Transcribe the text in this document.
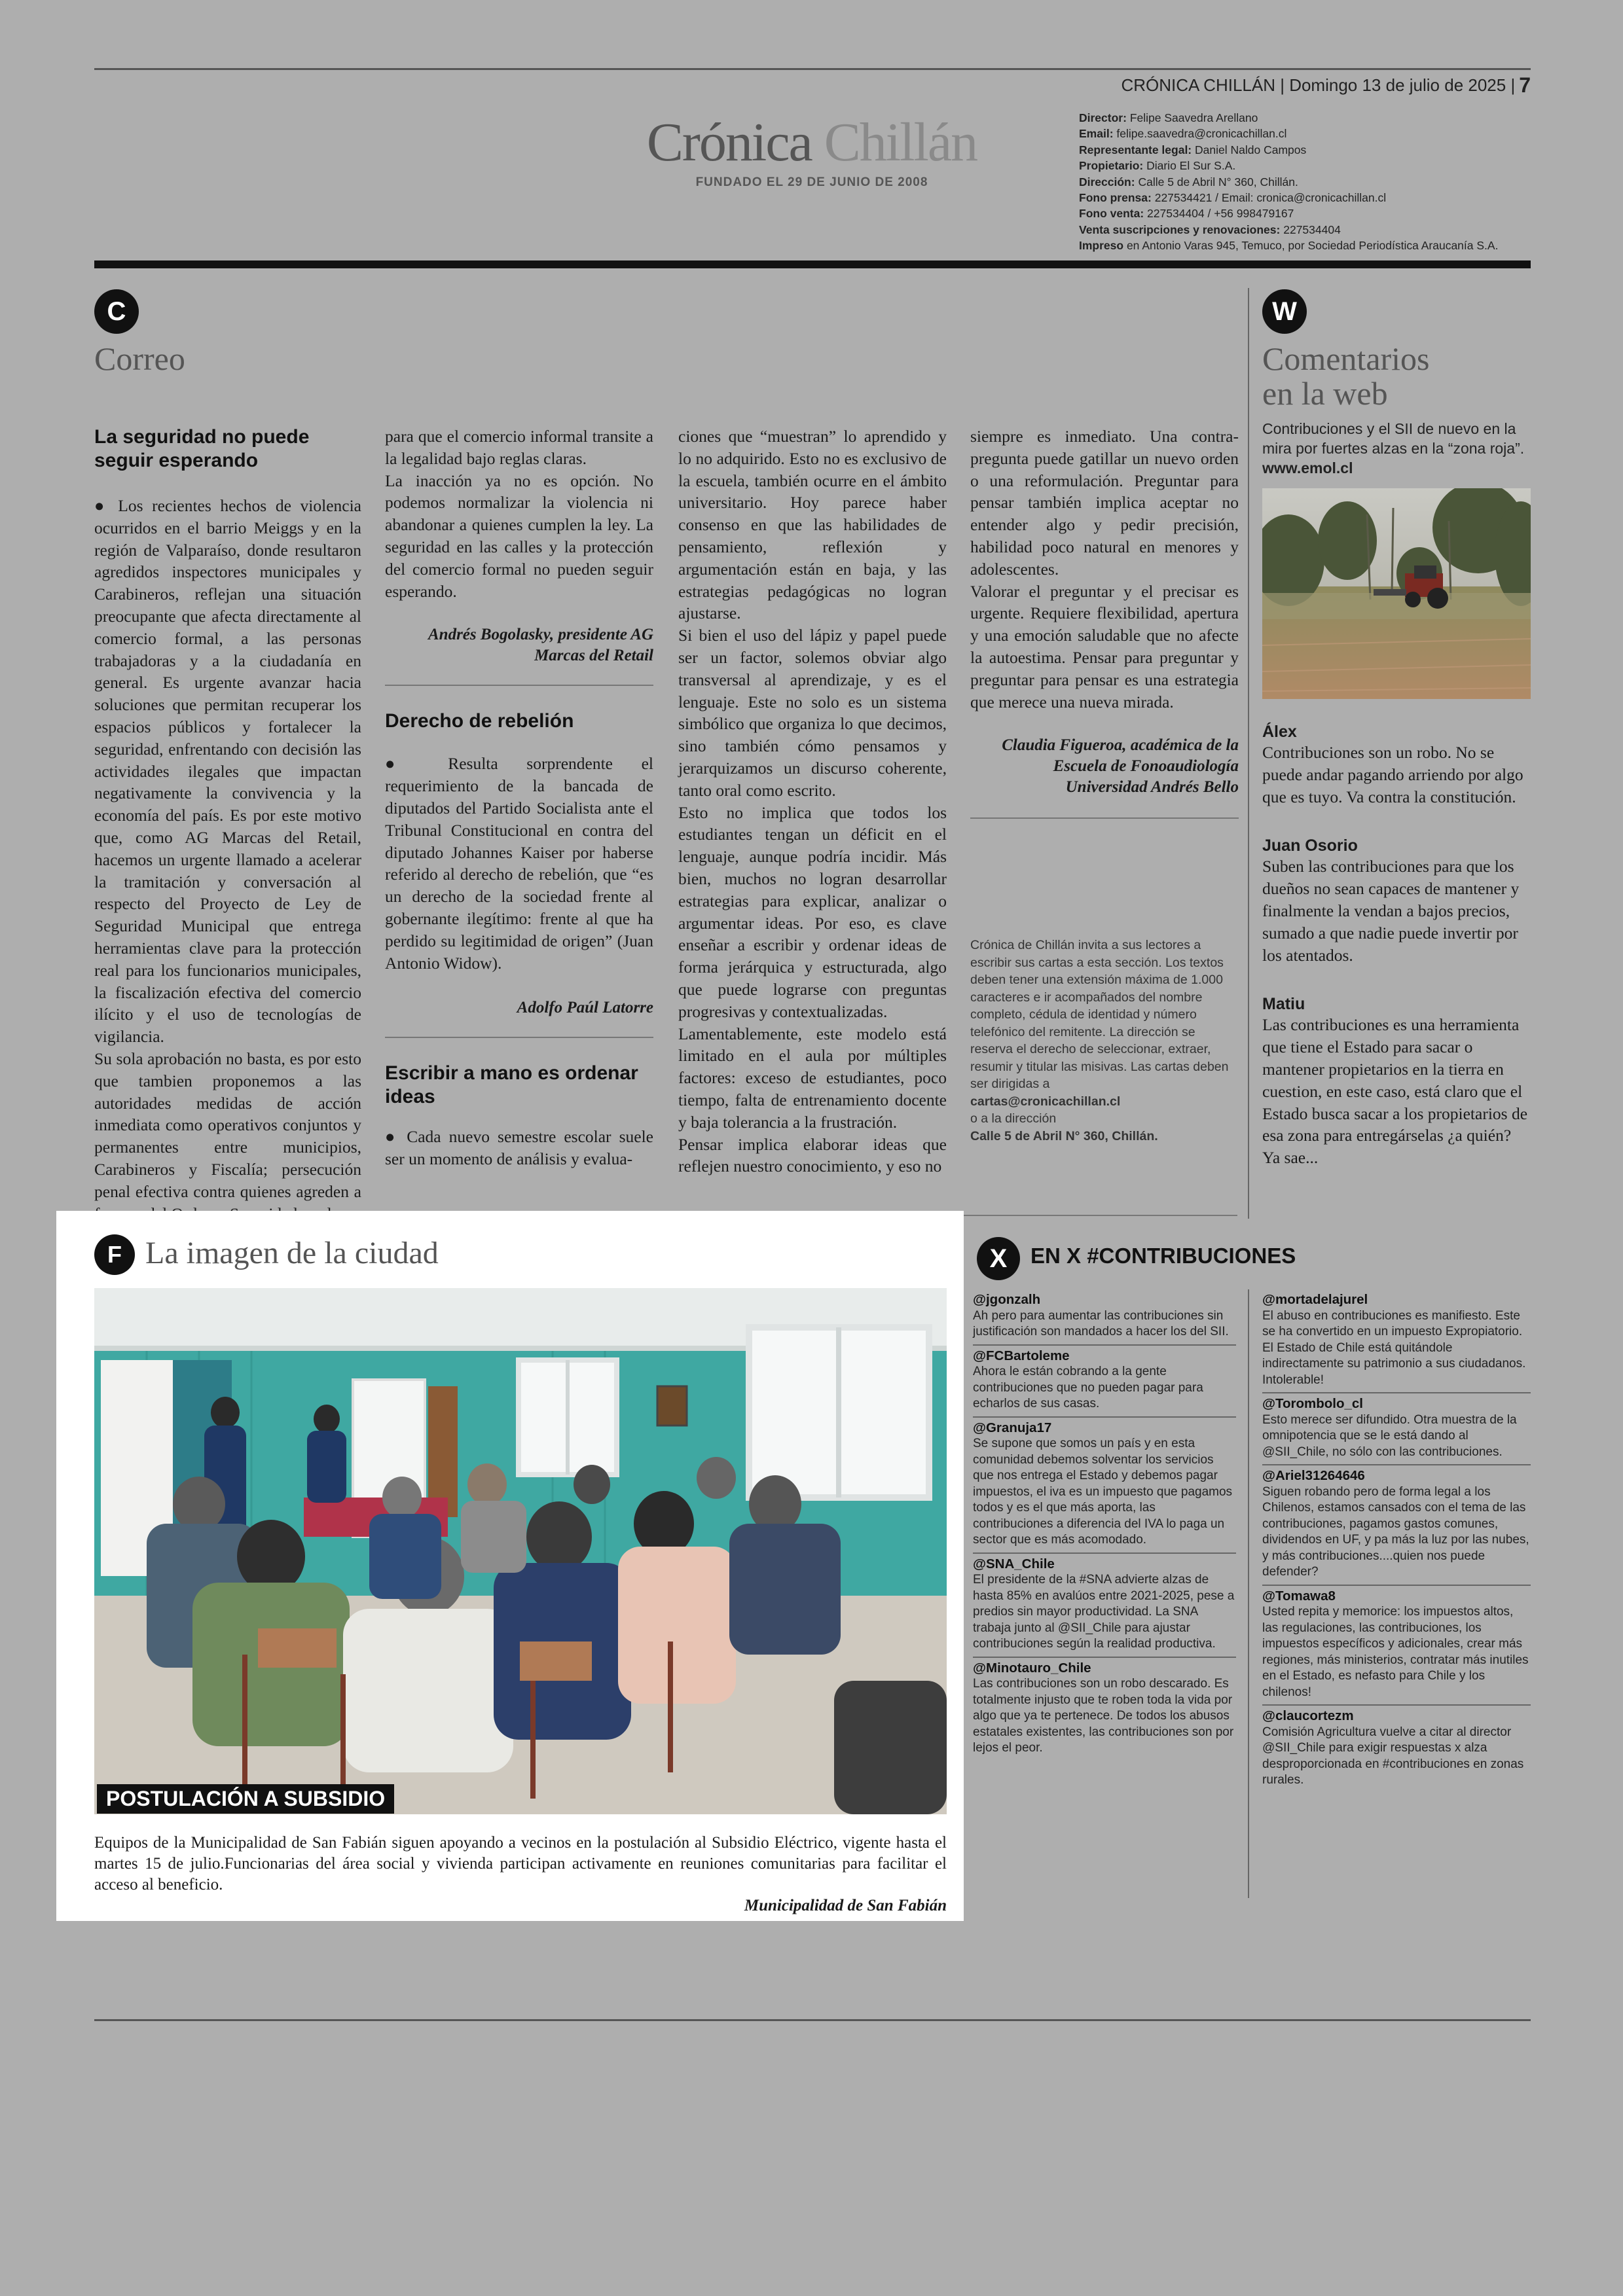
CRÓNICA CHILLÁN | Domingo 13 de julio de 2025 | 7
Crónica Chillán
FUNDADO EL 29 DE JUNIO DE 2008
Director: Felipe Saavedra Arellano
Email: felipe.saavedra@cronicachillan.cl
Representante legal: Daniel Naldo Campos
Propietario: Diario El Sur S.A.
Dirección: Calle 5 de Abril N° 360, Chillán.
Fono prensa: 227534421 / Email: cronica@cronicachillan.cl
Fono venta: 227534404 / +56 998479167
Venta suscripciones y renovaciones: 227534404
Impreso en Antonio Varas 945, Temuco, por Sociedad Periodística Araucanía S.A.
C
Correo
La seguridad no puede seguir esperando

● Los recientes hechos de violencia ocurridos en el barrio Meiggs y en la región de Valparaíso, donde resultaron agredidos inspectores municipales y Carabineros, reflejan una situación preocupante que afecta directamente al comercio formal, a las personas trabajadoras y a la ciudadanía en general. Es urgente avanzar hacia soluciones que permitan recuperar los espacios públicos y fortalecer la seguridad, enfrentando con decisión las actividades ilegales que impactan negativamente la convivencia y la economía del país. Es por este motivo que, como AG Marcas del Retail, hacemos un urgente llamado a acelerar la tramitación y conversación al respecto del Proyecto de Ley de Seguridad Municipal que entrega herramientas clave para la protección real para los funcionarios municipales, la fiscalización efectiva del comercio ilícito y el uso de tecnologías de vigilancia.

Su sola aprobación no basta, es por esto que tambien proponemos a las autoridades medidas de acción inmediata como operativos conjuntos y permanentes entre municipios, Carabineros y Fiscalía; persecución penal efectiva contra quienes agreden a

para que el comercio informal transite a la legalidad bajo reglas claras.

La inacción ya no es opción. No podemos normalizar la violencia ni abandonar a quienes cumplen la ley. La seguridad en las calles y la protección del comercio formal no pueden seguir esperando.

Andrés Bogolasky, presidente AG Marcas del Retail
Derecho de rebelión

● Resulta sorprendente el requerimiento de la bancada de diputados del Partido Socialista ante el Tribunal Constitucional en contra del diputado Johannes Kaiser por haberse referido al derecho de rebelión, que “es un derecho de la sociedad frente al gobernante ilegítimo: frente al que ha perdido su legitimidad de origen” (Juan Antonio Widow).

Adolfo Paúl Latorre
Escribir a mano es ordenar ideas

● Cada nuevo semestre escolar suele ser un momento de análisis y evalua-

ciones que “muestran” lo aprendido y lo no adquirido. Esto no es exclusivo de la escuela, también ocurre en el ámbito universitario. Hoy parece haber consenso en que las habilidades de pensamiento, reflexión y argumentación están en baja, y las estrategias pedagógicas no logran ajustarse.

Si bien el uso del lápiz y papel puede ser un factor, solemos obviar algo transversal al aprendizaje, y es el lenguaje. Este no solo es un sistema simbólico que organiza lo que decimos, sino también cómo pensamos y jerarquizamos un discurso coherente, tanto oral como escrito.

Esto no implica que todos los estudiantes tengan un déficit en el lenguaje, aunque podría incidir. Más bien, muchos no logran desarrollar estrategias para explicar, analizar o argumentar ideas. Por eso, es clave enseñar a escribir y ordenar ideas de forma jerárquica y estructurada, algo que puede lograrse con preguntas progresivas y contextualizadas.

Lamentablemente, este modelo está limitado en el aula por múltiples factores: exceso de estudiantes, poco tiempo, falta de entrenamiento docente y baja tolerancia a la frustración.

Pensar implica elaborar ideas que reflejen nuestro conocimiento, y eso no

siempre es inmediato. Una contra-pregunta puede gatillar un nuevo orden o una reformulación. Preguntar para pensar también implica aceptar no entender algo y pedir precisión, habilidad poco natural en menores y adolescentes.

Valorar el preguntar y el precisar es urgente. Requiere flexibilidad, apertura y una emoción saludable que no afecte la autoestima. Pensar para preguntar y preguntar para pensar es una estrategia que merece una nueva mirada.

Claudia Figueroa, académica de la Escuela de Fonoaudiología Universidad Andrés Bello
Crónica de Chillán invita a sus lectores a escribir sus cartas a esta sección. Los textos deben tener una extensión máxima de 1.000 caracteres e ir acompañados del nombre completo, cédula de identidad y número telefónico del remitente. La dirección se reserva el derecho de seleccionar, extraer, resumir y titular las misivas. Las cartas deben ser dirigidas a
cartas@cronicachillan.cl
o a la dirección
Calle 5 de Abril N° 360, Chillán.
W
Comentarios
en la web
Contribuciones y el SII de nuevo en la mira por fuertes alzas en la “zona roja”.
www.emol.cl
Álex
Contribuciones son un robo. No se puede andar pagando arriendo por algo que es tuyo. Va contra la constitución.
Juan Osorio
Suben las contribuciones para que los dueños no sean capaces de mantener y finalmente la vendan a bajos precios, sumado a que nadie puede invertir por los atentados.
Matiu
Las contribuciones es una herramienta que tiene el Estado para sacar o mantener propietarios en la tierra en cuestion, en este caso, está claro que el Estado busca sacar a los propietarios de esa zona para entregárselas ¿a quién? Ya sae...
F La imagen de la ciudad
POSTULACIÓN A SUBSIDIO
Equipos de la Municipalidad de San Fabián siguen apoyando a vecinos en la postulación al Subsidio Eléctrico, vigente hasta el martes 15 de julio.Funcionarias del área social y vivienda participan activamente en reuniones comunitarias para facilitar el acceso al beneficio.
Municipalidad de San Fabián
X	EN X #CONTRIBUCIONES
@jgonzalh
Ah pero para aumentar las contribuciones sin justificación son mandados a hacer los del SII.
@FCBartoleme
Ahora le están cobrando a la gente contribuciones que no pueden pagar para echarlos de sus casas.
@Granuja17
Se supone que somos un país y en esta comunidad debemos solventar los servicios que nos entrega el Estado y debemos pagar impuestos, el iva es un impuesto que pagamos todos y es el que más aporta, las contribuciones a diferencia del IVA lo paga un sector que es más acomodado.
@SNA_Chile
El presidente de la #SNA advierte alzas de hasta 85% en avalúos entre 2021-2025, pese a predios sin mayor productividad. La SNA trabaja junto al @SII_Chile para ajustar contribuciones según la realidad productiva.
@Minotauro_Chile
Las contribuciones son un robo descarado. Es totalmente injusto que te roben toda la vida por algo que ya te pertenece. De todos los abusos estatales existentes, las contribuciones son por lejos el peor.
@mortadelajurel
El abuso en contribuciones es manifiesto. Este se ha convertido en un impuesto Expropiatorio. El Estado de Chile está quitándole indirectamente su patrimonio a sus ciudadanos. Intolerable!
@Torombolo_cl
Esto merece ser difundido. Otra muestra de la omnipotencia que se le está dando al @SII_Chile, no sólo con las contribuciones.
@Ariel31264646
Siguen robando pero de forma legal a los Chilenos, estamos cansados con el tema de las contribuciones, pagamos gastos comunes, dividendos en UF, y pa más la luz por las nubes, y más contribuciones....quien nos puede defender?
@Tomawa8
Usted repita y memorice: los impuestos altos, las regulaciones, las contribuciones, los impuestos específicos y adicionales, crear más regiones, más ministerios, contratar más inutiles en el Estado, es nefasto para Chile y los chilenos!
@claucortezm
Comisión Agricultura vuelve a citar al director @SII_Chile para exigir respuestas x alza desproporcionada en #contribuciones en zonas rurales.
